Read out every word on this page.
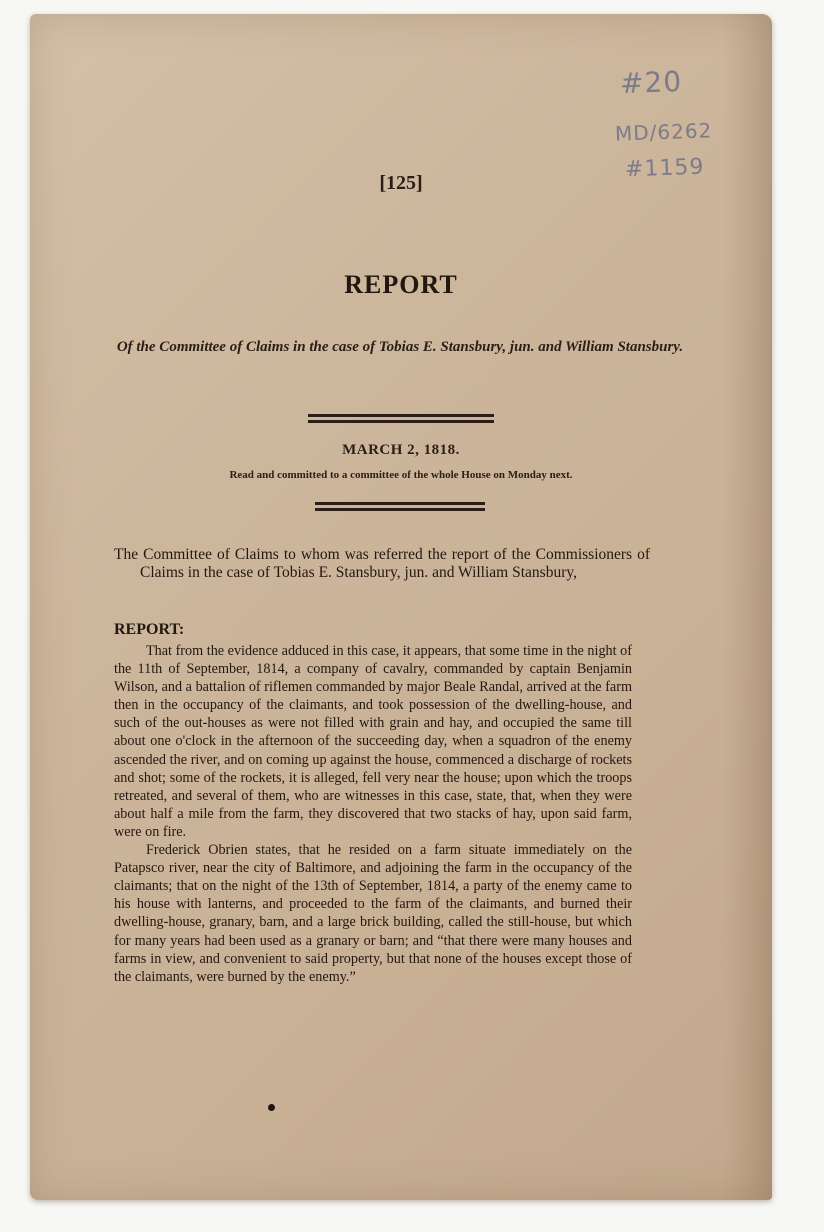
#20
MD/6262
#1159
[125]
REPORT
Of the Committee of Claims in the case of Tobias E. Stansbury, jun. and William Stansbury.
MARCH 2, 1818.
Read and committed to a committee of the whole House on Monday next.
The Committee of Claims to whom was referred the report of the Commissioners of Claims in the case of Tobias E. Stansbury, jun. and William Stansbury,
REPORT:

That from the evidence adduced in this case, it appears, that some time in the night of the 11th of September, 1814, a company of cavalry, commanded by captain Benjamin Wilson, and a battalion of riflemen commanded by major Beale Randal, arrived at the farm then in the occupancy of the claimants, and took possession of the dwelling-house, and such of the out-houses as were not filled with grain and hay, and occupied the same till about one o'clock in the afternoon of the succeeding day, when a squadron of the enemy ascended the river, and on coming up against the house, commenced a discharge of rockets and shot; some of the rockets, it is alleged, fell very near the house; upon which the troops retreated, and several of them, who are witnesses in this case, state, that, when they were about half a mile from the farm, they discovered that two stacks of hay, upon said farm, were on fire.

Frederick Obrien states, that he resided on a farm situate immediately on the Patapsco river, near the city of Baltimore, and adjoining the farm in the occupancy of the claimants; that on the night of the 13th of September, 1814, a party of the enemy came to his house with lanterns, and proceeded to the farm of the claimants, and burned their dwelling-house, granary, barn, and a large brick building, called the still-house, but which for many years had been used as a granary or barn; and “that there were many houses and farms in view, and convenient to said property, but that none of the houses except those of the claimants, were burned by the enemy.”
